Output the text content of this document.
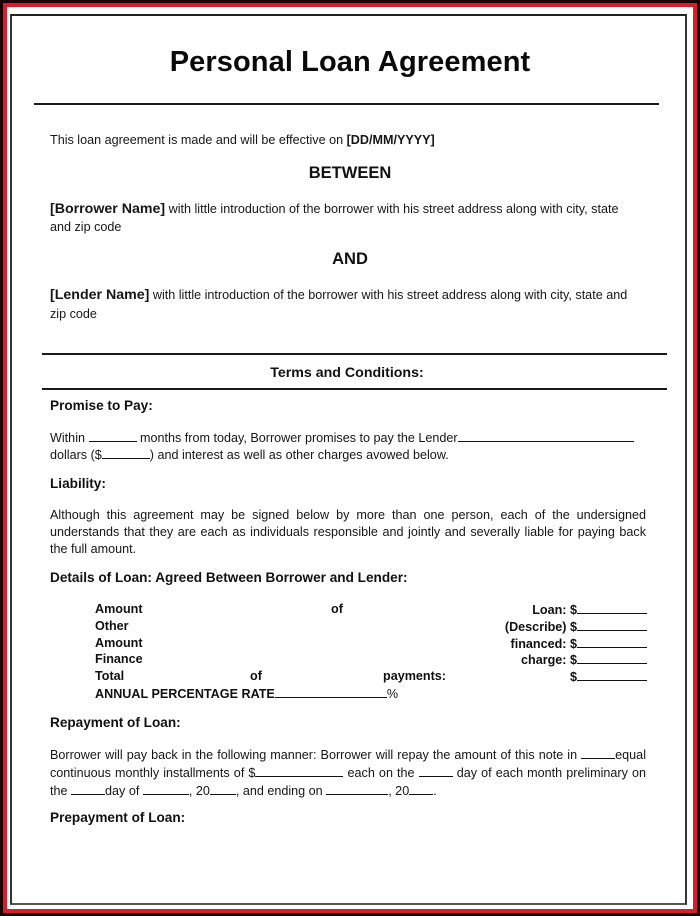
Personal Loan Agreement
This loan agreement is made and will be effective on [DD/MM/YYYY]
BETWEEN
[Borrower Name] with little introduction of the borrower with his street address along with city, state
and zip code
AND
[Lender Name] with little introduction of the borrower with his street address along with city, state and
zip code
Terms and Conditions:
Promise to Pay:
Within	months from today, Borrower promises to pay the Lender
dollars ($	) and interest as well as other charges avowed below.
Liability:
Although this agreement may be signed below by more than one person, each of the undersigned
understands that they are each as individuals responsible and jointly and severally liable for paying back
the full amount.
Details of Loan: Agreed Between Borrower and Lender:
Amount	of	Loan: $
Other	(Describe) $
Amount	financed: $
Finance	charge: $
Total	of	payments:	$
ANNUAL PERCENTAGE RATE	%
Repayment of Loan:
Borrower will pay back in the following manner: Borrower will repay the amount of this note in	equal
continuous monthly installments of $	each on the	day of each month preliminary on
the	day of	, 20 , and ending on	, 20 .
Prepayment of Loan:
